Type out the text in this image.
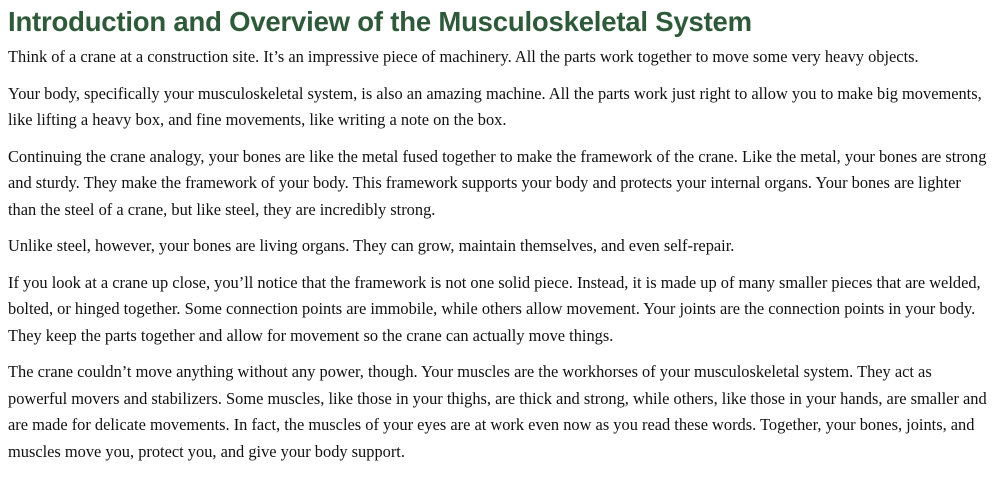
Introduction and Overview of the Musculoskeletal System

Think of a crane at a construction site. It’s an impressive piece of machinery. All the parts work together to move some very heavy objects.

Your body, specifically your musculoskeletal system, is also an amazing machine. All the parts work just right to allow you to make big movements, like lifting a heavy box, and fine movements, like writing a note on the box.

Continuing the crane analogy, your bones are like the metal fused together to make the framework of the crane. Like the metal, your bones are strong and sturdy. They make the framework of your body. This framework supports your body and protects your internal organs. Your bones are lighter than the steel of a crane, but like steel, they are incredibly strong.

Unlike steel, however, your bones are living organs. They can grow, maintain themselves, and even self-repair.

If you look at a crane up close, you’ll notice that the framework is not one solid piece. Instead, it is made up of many smaller pieces that are welded, bolted, or hinged together. Some connection points are immobile, while others allow movement. Your joints are the connection points in your body. They keep the parts together and allow for movement so the crane can actually move things.

The crane couldn’t move anything without any power, though. Your muscles are the workhorses of your musculoskeletal system. They act as powerful movers and stabilizers. Some muscles, like those in your thighs, are thick and strong, while others, like those in your hands, are smaller and are made for delicate movements. In fact, the muscles of your eyes are at work even now as you read these words. Together, your bones, joints, and muscles move you, protect you, and give your body support.
